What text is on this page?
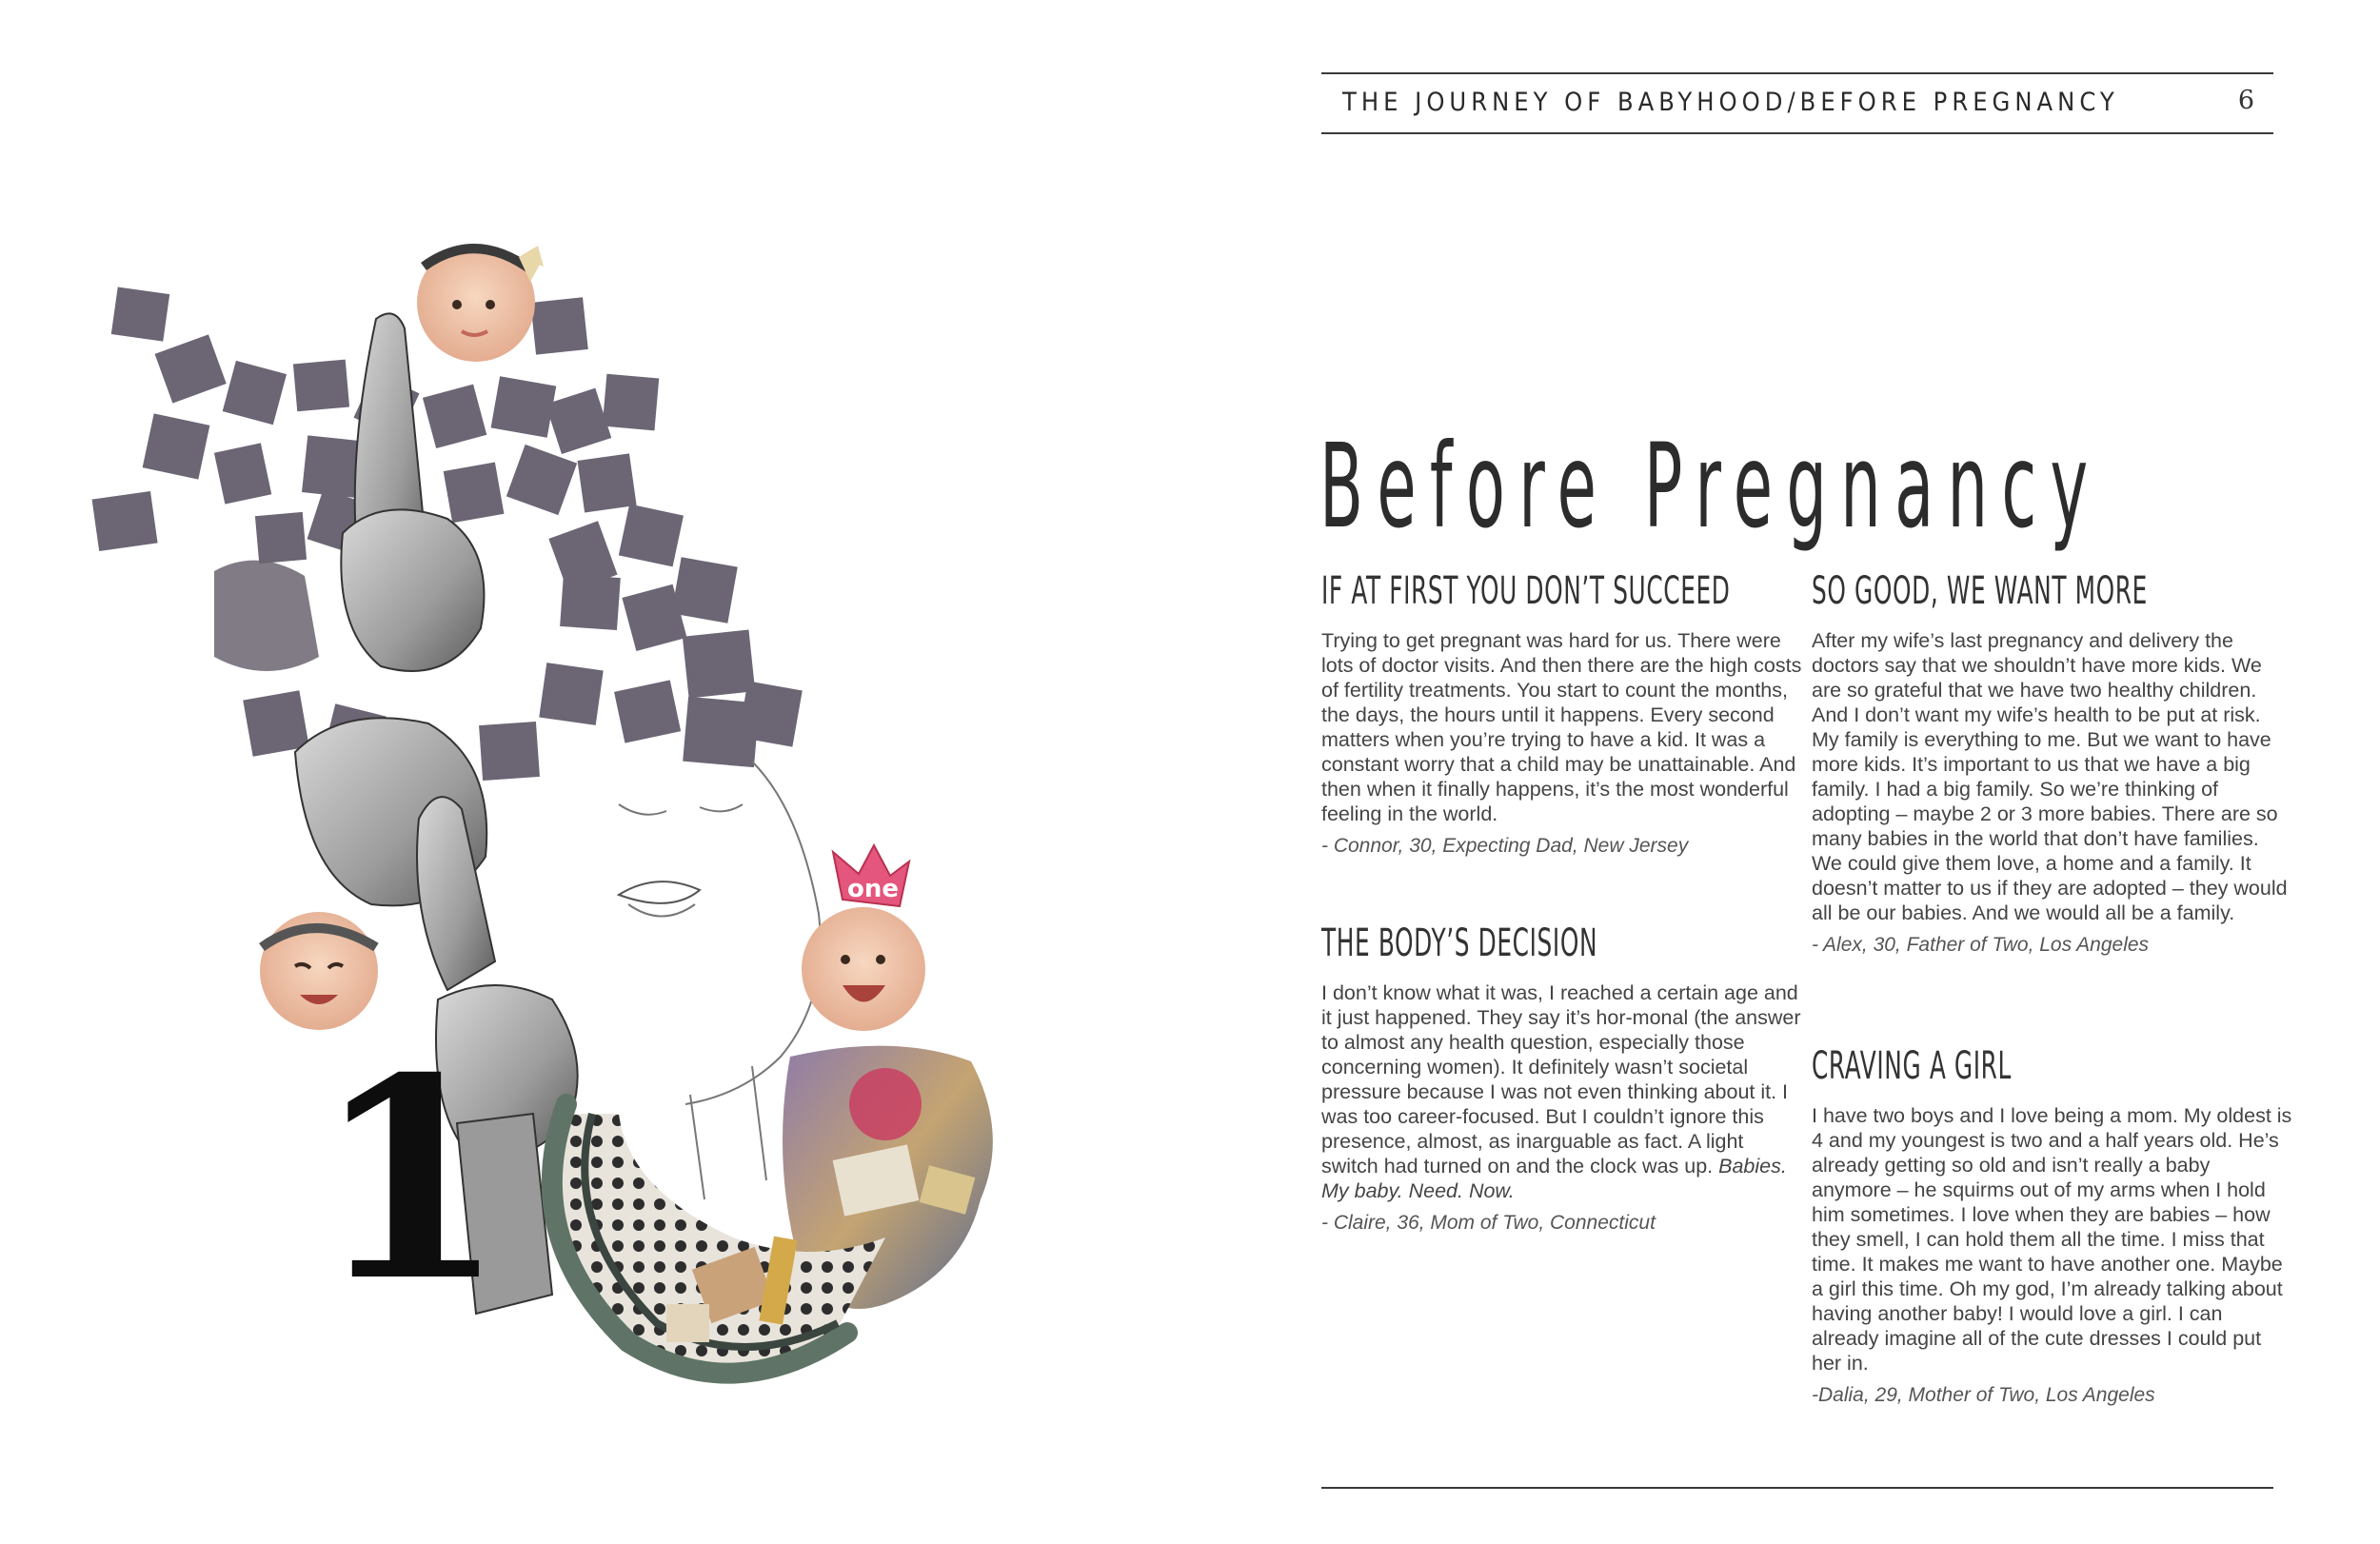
one
1
THE JOURNEY OF BABYHOOD/BEFORE PREGNANCY	6
Before Pregnancy
IF AT FIRST YOU DON’T SUCCEED

Trying to get pregnant was hard for us. There were lots of doctor visits. And then there are the high costs of fertility treatments. You start to count the months, the days, the hours until it happens. Every second matters when you’re trying to have a kid. It was a constant worry that a child may be unattainable. And then when it finally happens, it’s the most wonderful feeling in the world.

- Connor, 30, Expecting Dad, New Jersey

THE BODY’S DECISION

I don’t know what it was, I reached a certain age and it just happened. They say it’s hor-monal (the answer to almost any health question, especially those concerning women). It definitely wasn’t societal pressure because I was not even thinking about it. I was too career-focused. But I couldn’t ignore this presence, almost, as inarguable as fact. A light switch had turned on and the clock was up. Babies. My baby. Need. Now.

- Claire, 36, Mom of Two, Connecticut

SO GOOD, WE WANT MORE

After my wife’s last pregnancy and delivery the doctors say that we shouldn’t have more kids. We are so grateful that we have two healthy children. And I don’t want my wife’s health to be put at risk. My family is everything to me. But we want to have more kids. It’s important to us that we have a big family. I had a big family. So we’re thinking of adopting – maybe 2 or 3 more babies. There are so many babies in the world that don’t have families. We could give them love, a home and a family. It doesn’t matter to us if they are adopted – they would all be our babies. And we would all be a family.

- Alex, 30, Father of Two, Los Angeles

CRAVING A GIRL

I have two boys and I love being a mom. My oldest is 4 and my youngest is two and a half years old. He’s already getting so old and isn’t really a baby anymore – he squirms out of my arms when I hold him sometimes. I love when they are babies – how they smell, I can hold them all the time. I miss that time. It makes me want to have another one. Maybe a girl this time. Oh my god, I’m already talking about having another baby! I would love a girl. I can already imagine all of the cute dresses I could put her in.

-Dalia, 29, Mother of Two, Los Angeles
